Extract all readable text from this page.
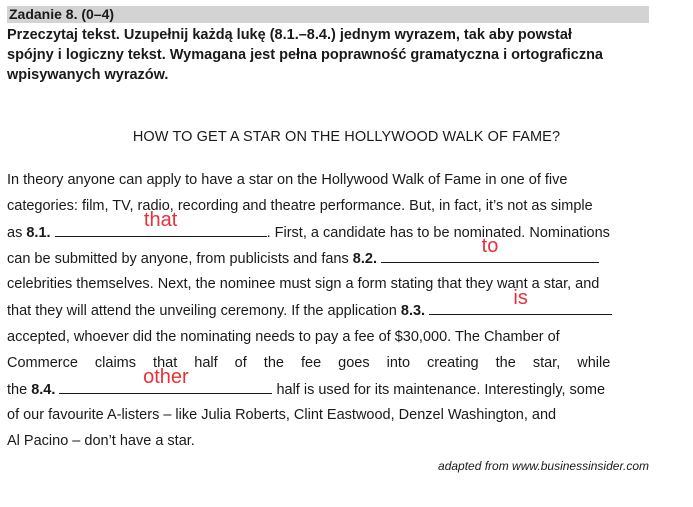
Zadanie 8. (0–4)
Przeczytaj tekst. Uzupełnij każdą lukę (8.1.–8.4.) jednym wyrazem, tak aby powstał
spójny i logiczny tekst. Wymagana jest pełna poprawność gramatyczna i ortograficzna
wpisywanych wyrazów.
HOW TO GET A STAR ON THE HOLLYWOOD WALK OF FAME?
In theory anyone can apply to have a star on the Hollywood Walk of Fame in one of five
categories: film, TV, radio, recording and theatre performance. But, in fact, it’s not as simple
as 8.1.
that
. First, a candidate has to be nominated. Nominations
can be submitted by anyone, from publicists and fans 8.2.
to
celebrities themselves. Next, the nominee must sign a form stating that they want a star, and
that they will attend the unveiling ceremony. If the application 8.3.
is
accepted, whoever did the nominating needs to pay a fee of $30,000. The Chamber of
Commerce claims that half of the fee goes into creating the star, while
the 8.4.
other
half is used for its maintenance. Interestingly, some
of our favourite A-listers – like Julia Roberts, Clint Eastwood, Denzel Washington, and
Al Pacino – don’t have a star.
adapted from www.businessinsider.com
